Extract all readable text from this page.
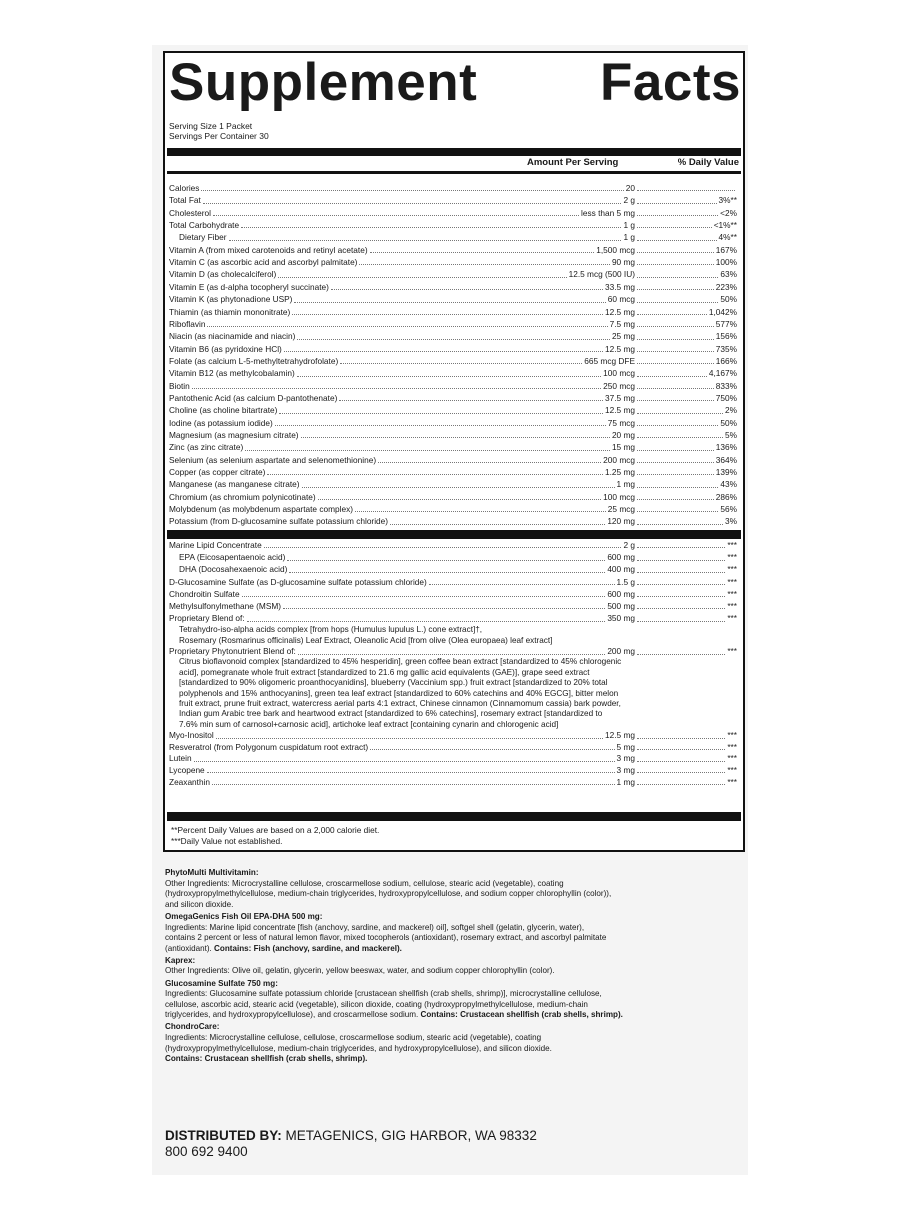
Supplement Facts
Serving Size 1 Packet
Servings Per Container 30
Amount Per Serving	% Daily Value
Calories	20
Total Fat	2 g	3%**
Cholesterol	less than 5 mg	<2%
Total Carbohydrate	1 g	<1%**
Dietary Fiber	1 g	4%**
Vitamin A (from mixed carotenoids and retinyl acetate)	1,500 mcg	167%
Vitamin C (as ascorbic acid and ascorbyl palmitate)	90 mg	100%
Vitamin D (as cholecalciferol)	12.5 mcg (500 IU)	63%
Vitamin E (as d-alpha tocopheryl succinate)	33.5 mg	223%
Vitamin K (as phytonadione USP)	60 mcg	50%
Thiamin (as thiamin mononitrate)	12.5 mg	1,042%
Riboflavin	7.5 mg	577%
Niacin (as niacinamide and niacin)	25 mg	156%
Vitamin B6 (as pyridoxine HCl)	12.5 mg	735%
Folate (as calcium L-5-methyltetrahydrofolate)	665 mcg DFE	166%
Vitamin B12 (as methylcobalamin)	100 mcg	4,167%
Biotin	250 mcg	833%
Pantothenic Acid (as calcium D-pantothenate)	37.5 mg	750%
Choline (as choline bitartrate)	12.5 mg	2%
Iodine (as potassium iodide)	75 mcg	50%
Magnesium (as magnesium citrate)	20 mg	5%
Zinc (as zinc citrate)	15 mg	136%
Selenium (as selenium aspartate and selenomethionine)	200 mcg	364%
Copper (as copper citrate)	1.25 mg	139%
Manganese (as manganese citrate)	1 mg	43%
Chromium (as chromium polynicotinate)	100 mcg	286%
Molybdenum (as molybdenum aspartate complex)	25 mcg	56%
Potassium (from D-glucosamine sulfate potassium chloride)	120 mg	3%
Marine Lipid Concentrate	2 g	***
EPA (Eicosapentaenoic acid)	600 mg	***
DHA (Docosahexaenoic acid)	400 mg	***
D-Glucosamine Sulfate (as D-glucosamine sulfate potassium chloride)	1.5 g	***
Chondroitin Sulfate	600 mg	***
Methylsulfonylmethane (MSM)	500 mg	***
Proprietary Blend of:	350 mg	***
Tetrahydro-iso-alpha acids complex [from hops (Humulus lupulus L.) cone extract]†,
Rosemary (Rosmarinus officinalis) Leaf Extract, Oleanolic Acid [from olive (Olea europaea) leaf extract]
Proprietary Phytonutrient Blend of:	200 mg	***
Citrus bioflavonoid complex [standardized to 45% hesperidin], green coffee bean extract [standardized to 45% chlorogenic
acid], pomegranate whole fruit extract [standardized to 21.6 mg gallic acid equivalents (GAE)], grape seed extract
[standardized to 90% oligomeric proanthocyanidins], blueberry (Vaccinium spp.) fruit extract [standardized to 20% total
polyphenols and 15% anthocyanins], green tea leaf extract [standardized to 60% catechins and 40% EGCG], bitter melon
fruit extract, prune fruit extract, watercress aerial parts 4:1 extract, Chinese cinnamon (Cinnamomum cassia) bark powder,
Indian gum Arabic tree bark and heartwood extract [standardized to 6% catechins], rosemary extract [standardized to
7.6% min sum of carnosol+carnosic acid], artichoke leaf extract [containing cynarin and chlorogenic acid]
Myo-Inositol	12.5 mg	***
Resveratrol (from Polygonum cuspidatum root extract)	5 mg	***
Lutein	3 mg	***
Lycopene	3 mg	***
Zeaxanthin	1 mg	***
**Percent Daily Values are based on a 2,000 calorie diet.
***Daily Value not established.
PhytoMulti Multivitamin:
Other Ingredients: Microcrystalline cellulose, croscarmellose sodium, cellulose, stearic acid (vegetable), coating
(hydroxypropylmethylcellulose, medium-chain triglycerides, hydroxypropylcellulose, and sodium copper chlorophyllin (color)),
and silicon dioxide.
OmegaGenics Fish Oil EPA-DHA 500 mg:
Ingredients: Marine lipid concentrate [fish (anchovy, sardine, and mackerel) oil], softgel shell (gelatin, glycerin, water),
contains 2 percent or less of natural lemon flavor, mixed tocopherols (antioxidant), rosemary extract, and ascorbyl palmitate
(antioxidant). Contains: Fish (anchovy, sardine, and mackerel).
Kaprex:
Other Ingredients: Olive oil, gelatin, glycerin, yellow beeswax, water, and sodium copper chlorophyllin (color).
Glucosamine Sulfate 750 mg:
Ingredients: Glucosamine sulfate potassium chloride [crustacean shellfish (crab shells, shrimp)], microcrystalline cellulose,
cellulose, ascorbic acid, stearic acid (vegetable), silicon dioxide, coating (hydroxypropylmethylcellulose, medium-chain
triglycerides, and hydroxypropylcellulose), and croscarmellose sodium. Contains: Crustacean shellfish (crab shells, shrimp).
ChondroCare:
Ingredients: Microcrystalline cellulose, cellulose, croscarmellose sodium, stearic acid (vegetable), coating
(hydroxypropylmethylcellulose, medium-chain triglycerides, and hydroxypropylcellulose), and silicon dioxide.
Contains: Crustacean shellfish (crab shells, shrimp).
DISTRIBUTED BY: METAGENICS, GIG HARBOR, WA 98332
800 692 9400
